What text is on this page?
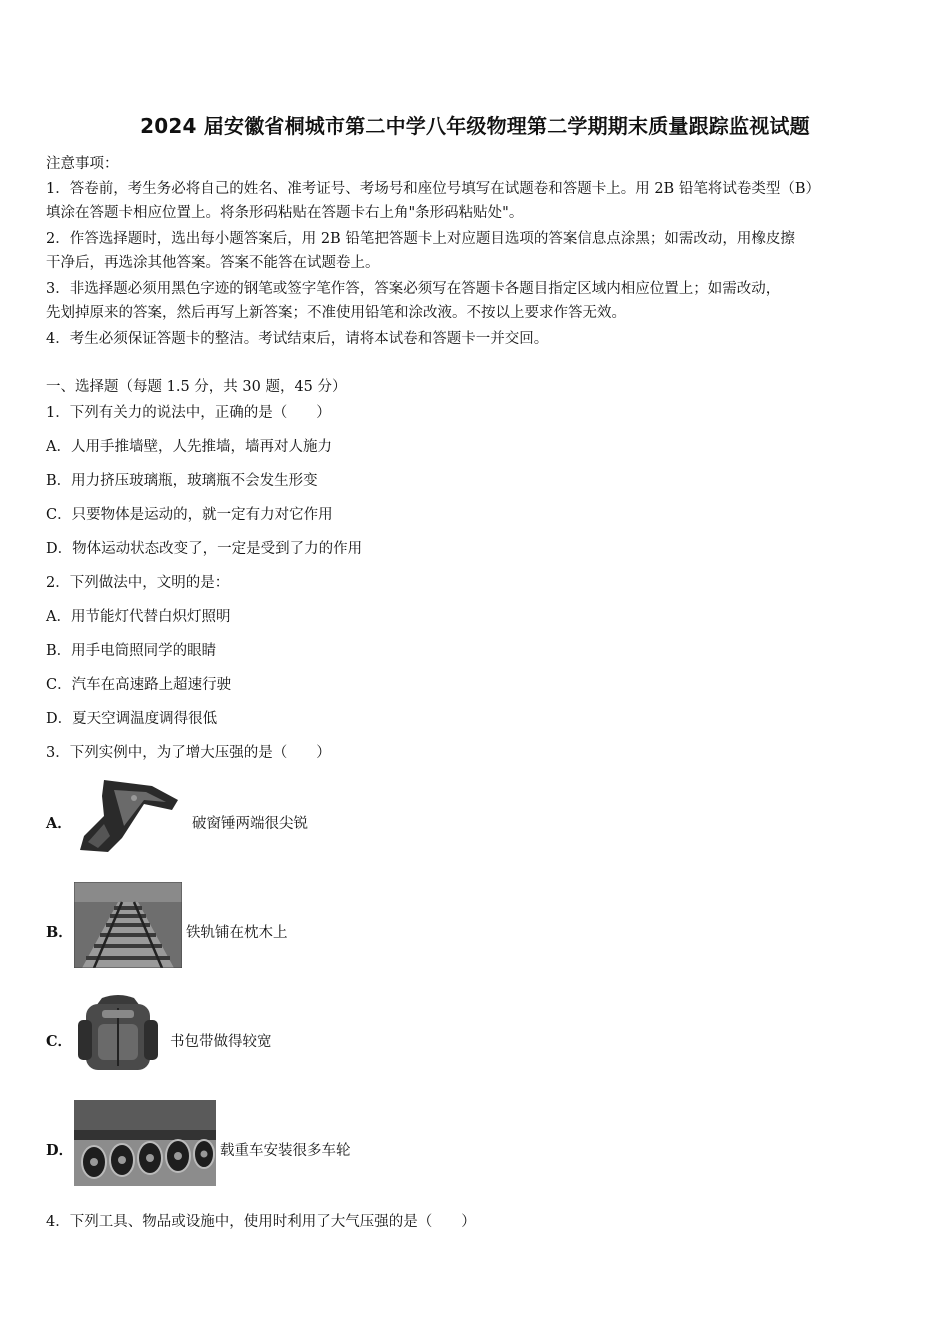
2024 届安徽省桐城市第二中学八年级物理第二学期期末质量跟踪监视试题
注意事项：
1．答卷前，考生务必将自己的姓名、准考证号、考场号和座位号填写在试题卷和答题卡上。用 2B 铅笔将试卷类型（B）
填涂在答题卡相应位置上。将条形码粘贴在答题卡右上角"条形码粘贴处"。
2．作答选择题时，选出每小题答案后，用 2B 铅笔把答题卡上对应题目选项的答案信息点涂黑；如需改动，用橡皮擦
干净后，再选涂其他答案。答案不能答在试题卷上。
3．非选择题必须用黑色字迹的钢笔或签字笔作答，答案必须写在答题卡各题目指定区域内相应位置上；如需改动，
先划掉原来的答案，然后再写上新答案；不准使用铅笔和涂改液。不按以上要求作答无效。
4．考生必须保证答题卡的整洁。考试结束后，请将本试卷和答题卡一并交回。
一、选择题（每题 1.5 分，共 30 题，45 分）
1．下列有关力的说法中，正确的是（　　）
A．人用手推墙壁，人先推墙，墙再对人施力
B．用力挤压玻璃瓶，玻璃瓶不会发生形变
C．只要物体是运动的，就一定有力对它作用
D．物体运动状态改变了，一定是受到了力的作用
2．下列做法中，文明的是：
A．用节能灯代替白炽灯照明
B．用手电筒照同学的眼睛
C．汽车在高速路上超速行驶
D．夏天空调温度调得很低
3．下列实例中，为了增大压强的是（　　）
A．	破窗锤两端很尖锐
B．	铁轨铺在枕木上
C．	书包带做得较宽
D．	载重车安装很多车轮
4．下列工具、物品或设施中，使用时利用了大气压强的是（　　）
